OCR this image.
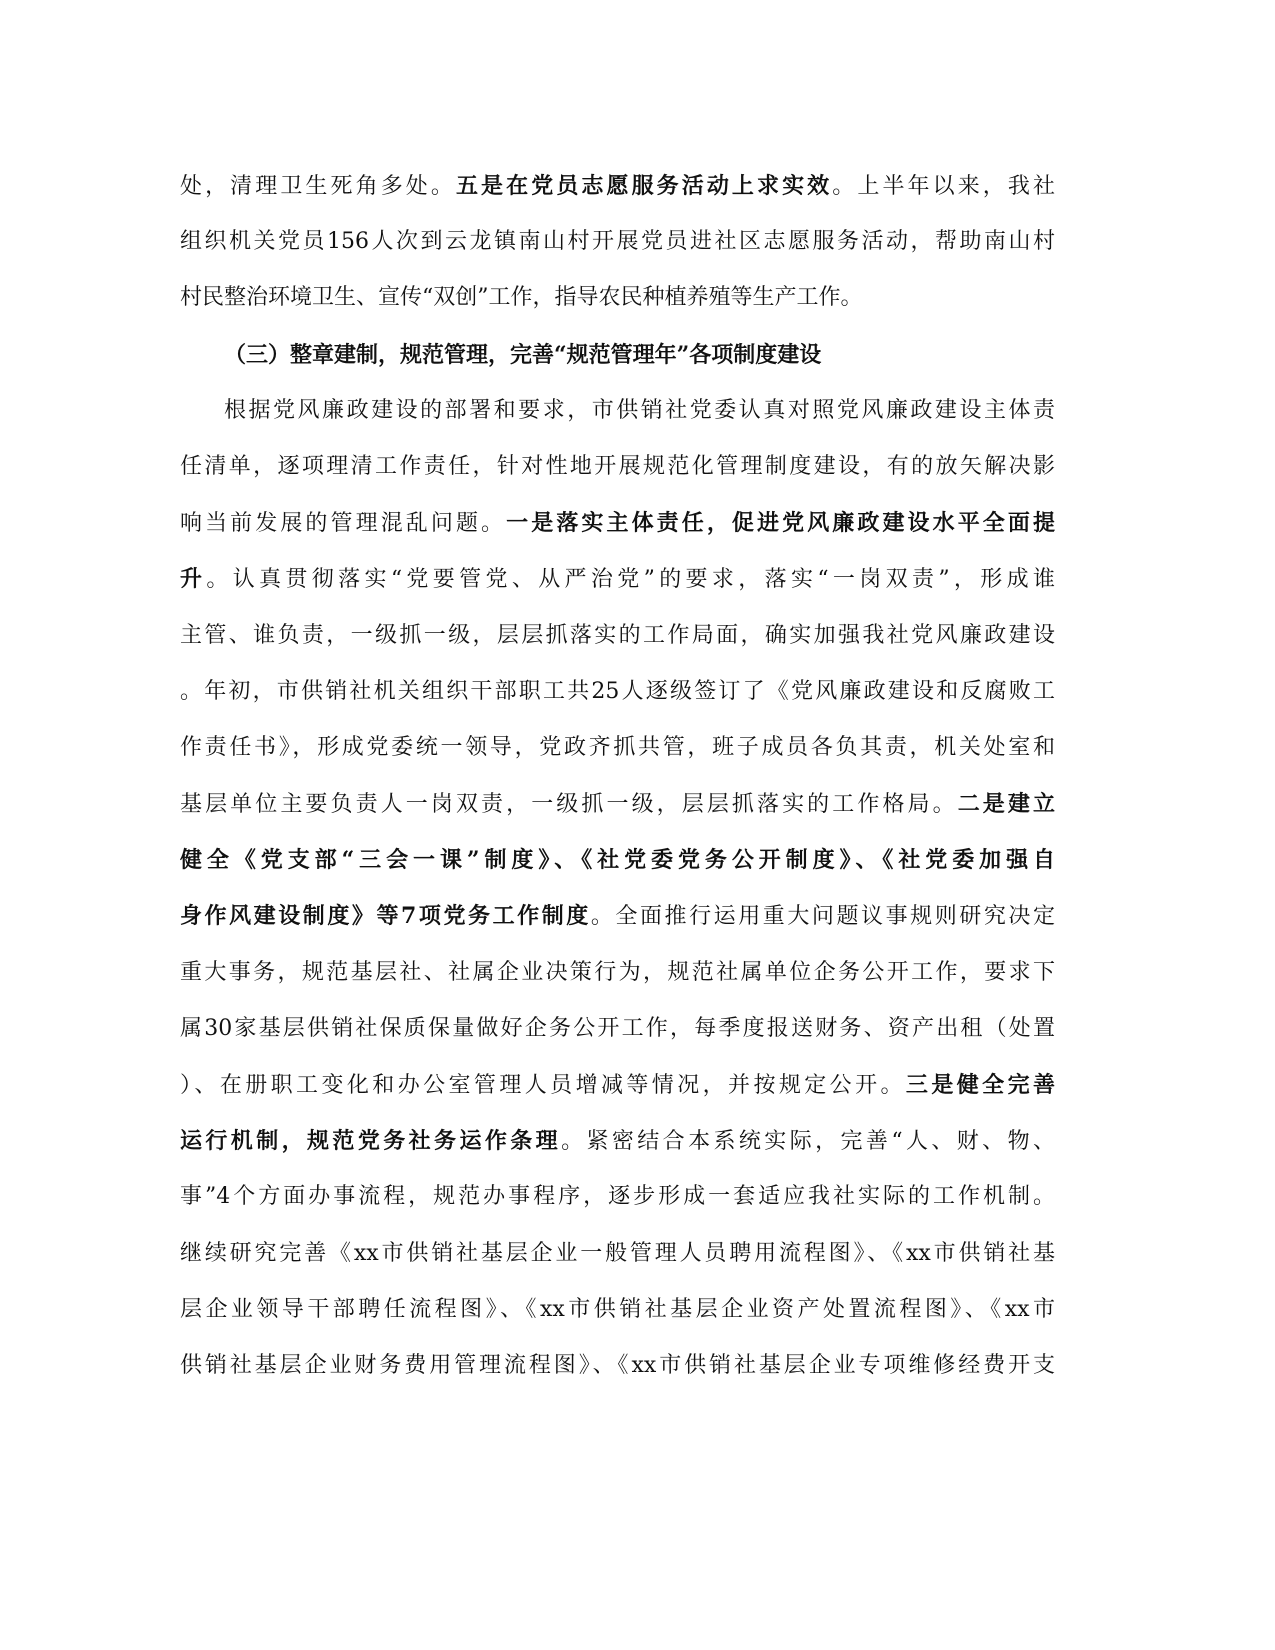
处，清理卫生死角多处。五是在党员志愿服务活动上求实效。上半年以来，我社
组织机关党员156人次到云龙镇南山村开展党员进社区志愿服务活动，帮助南山村
村民整治环境卫生、宣传“双创”工作，指导农民种植养殖等生产工作。
（三）整章建制，规范管理，完善“规范管理年”各项制度建设
根据党风廉政建设的部署和要求，市供销社党委认真对照党风廉政建设主体责
任清单，逐项理清工作责任，针对性地开展规范化管理制度建设，有的放矢解决影
响当前发展的管理混乱问题。一是落实主体责任，促进党风廉政建设水平全面提
升。认真贯彻落实“党要管党、从严治党”的要求，落实“一岗双责”，形成谁
主管、谁负责，一级抓一级，层层抓落实的工作局面，确实加强我社党风廉政建设
。年初，市供销社机关组织干部职工共25人逐级签订了《党风廉政建设和反腐败工
作责任书》，形成党委统一领导，党政齐抓共管，班子成员各负其责，机关处室和
基层单位主要负责人一岗双责，一级抓一级，层层抓落实的工作格局。二是建立
健全《党支部“三会一课”制度》、《社党委党务公开制度》、《社党委加强自
身作风建设制度》等7项党务工作制度。全面推行运用重大问题议事规则研究决定
重大事务，规范基层社、社属企业决策行为，规范社属单位企务公开工作，要求下
属30家基层供销社保质保量做好企务公开工作，每季度报送财务、资产出租（处置
）、在册职工变化和办公室管理人员增减等情况，并按规定公开。三是健全完善
运行机制，规范党务社务运作条理。紧密结合本系统实际，完善“人、财、物、
事”4个方面办事流程，规范办事程序，逐步形成一套适应我社实际的工作机制。
继续研究完善《xx市供销社基层企业一般管理人员聘用流程图》、《xx市供销社基
层企业领导干部聘任流程图》、《xx市供销社基层企业资产处置流程图》、《xx市
供销社基层企业财务费用管理流程图》、《xx市供销社基层企业专项维修经费开支
